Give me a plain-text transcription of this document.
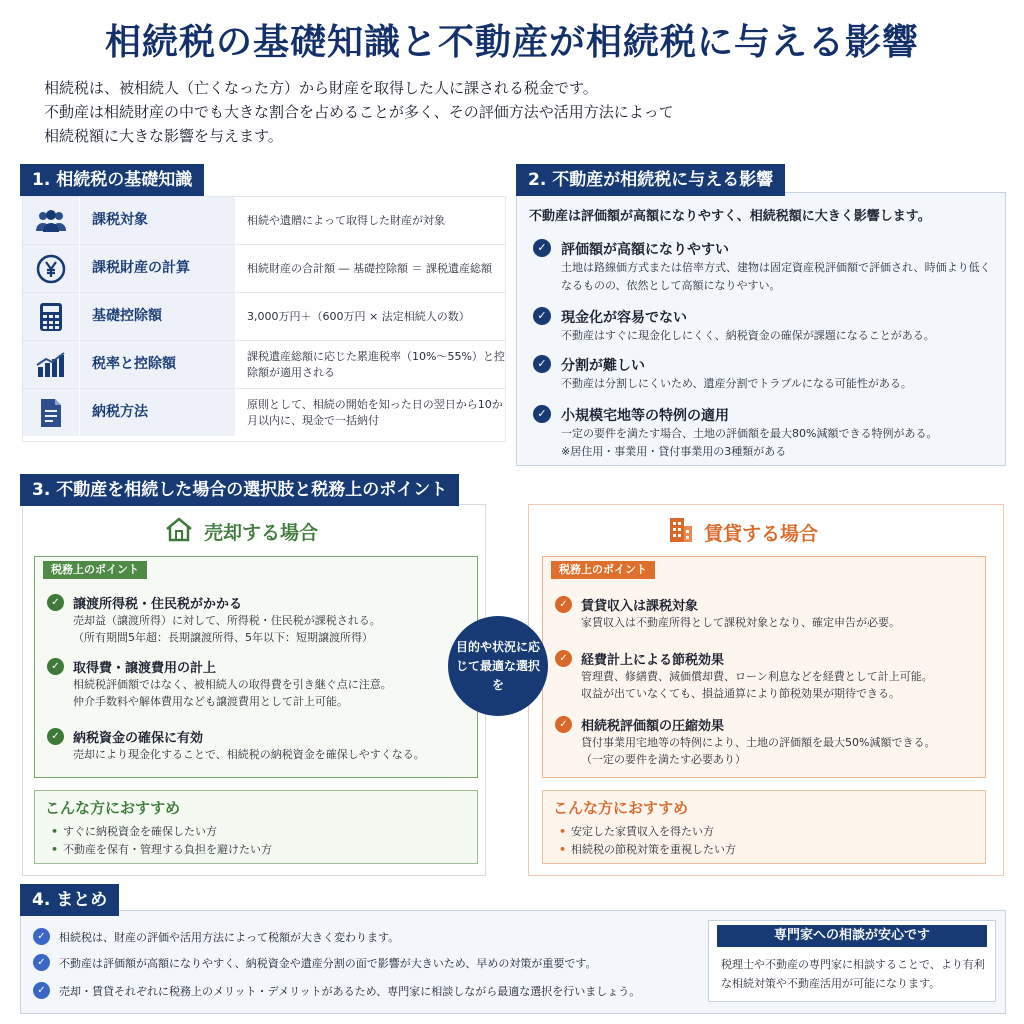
相続税の基礎知識と不動産が相続税に与える影響
相続税は、被相続人（亡くなった方）から財産を取得した人に課される税金です。
不動産は相続財産の中でも大きな割合を占めることが多く、その評価方法や活用方法によって
相続税額に大きな影響を与えます。
1. 相続税の基礎知識
課税対象	相続や遺贈によって取得した財産が対象
課税財産の計算	相続財産の合計額 ― 基礎控除額 ＝ 課税遺産総額
基礎控除額	3,000万円＋（600万円 × 法定相続人の数）
税率と控除額	課税遺産総額に応じた累進税率（10%〜55%）と控除額が適用される
納税方法	原則として、相続の開始を知った日の翌日から10か月以内に、現金で一括納付
不動産は評価額が高額になりやすく、相続税額に大きく影響します。
✓	評価額が高額になりやすい
土地は路線価方式または倍率方式、建物は固定資産税評価額で評価され、時価より低くなるものの、依然として高額になりやすい。
✓	現金化が容易でない
不動産はすぐに現金化しにくく、納税資金の確保が課題になることがある。
✓	分割が難しい
不動産は分割しにくいため、遺産分割でトラブルになる可能性がある。
✓	小規模宅地等の特例の適用
一定の要件を満たす場合、土地の評価額を最大80%減額できる特例がある。
※居住用・事業用・貸付事業用の3種類がある
2. 不動産が相続税に与える影響
3. 不動産を相続した場合の選択肢と税務上のポイント
売却する場合	賃貸する場合
税務上のポイント
✓	譲渡所得税・住民税がかかる
売却益（譲渡所得）に対して、所得税・住民税が課税される。
（所有期間5年超：長期譲渡所得、5年以下：短期譲渡所得）
✓	取得費・譲渡費用の計上
相続税評価額ではなく、被相続人の取得費を引き継ぐ点に注意。
仲介手数料や解体費用なども譲渡費用として計上可能。
✓	納税資金の確保に有効
売却により現金化することで、相続税の納税資金を確保しやすくなる。
税務上のポイント
✓	賃貸収入は課税対象
家賃収入は不動産所得として課税対象となり、確定申告が必要。
✓	経費計上による節税効果
管理費、修繕費、減価償却費、ローン利息などを経費として計上可能。
収益が出ていなくても、損益通算により節税効果が期待できる。
✓	相続税評価額の圧縮効果
貸付事業用宅地等の特例により、土地の評価額を最大50%減額できる。
（一定の要件を満たす必要あり）
目的や状況に応じて最適な選択を
こんな方におすすめ
• すぐに納税資金を確保したい方
• 不動産を保有・管理する負担を避けたい方
こんな方におすすめ
• 安定した家賃収入を得たい方
• 相続税の節税対策を重視したい方
✓	相続税は、財産の評価や活用方法によって税額が大きく変わります。
✓	不動産は評価額が高額になりやすく、納税資金や遺産分割の面で影響が大きいため、早めの対策が重要です。
✓	売却・賃貸それぞれに税務上のメリット・デメリットがあるため、専門家に相談しながら最適な選択を行いましょう。
4. まとめ
専門家への相談が安心です
税理士や不動産の専門家に相談することで、より有利な相続対策や不動産活用が可能になります。
